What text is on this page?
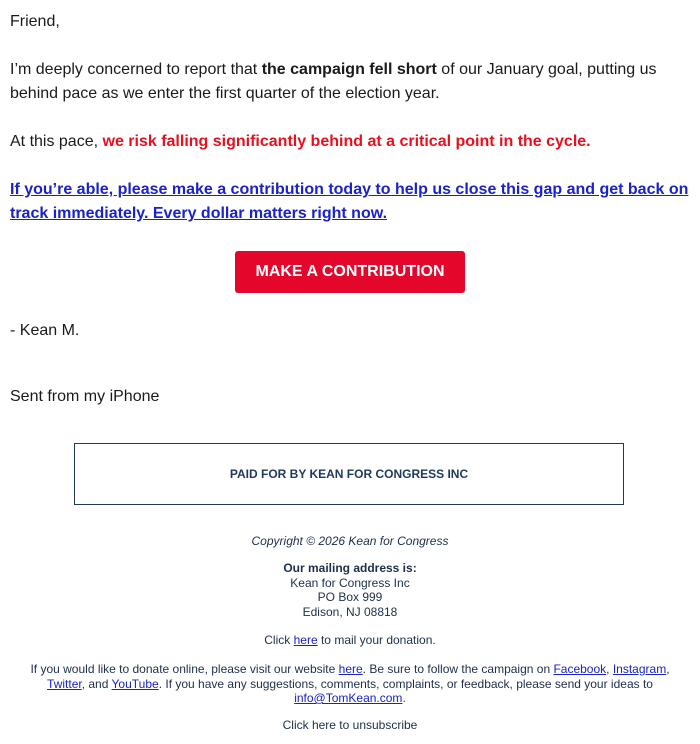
Friend,
I’m deeply concerned to report that the campaign fell short of our January goal, putting us behind pace as we enter the first quarter of the election year.
At this pace, we risk falling significantly behind at a critical point in the cycle.
If you’re able, please make a contribution today to help us close this gap and get back on track immediately. Every dollar matters right now.
MAKE A CONTRIBUTION
- Kean M.
Sent from my iPhone
PAID FOR BY KEAN FOR CONGRESS INC
Copyright © 2026 Kean for Congress
Our mailing address is:
Kean for Congress Inc
PO Box 999
Edison, NJ 08818
Click here to mail your donation.
If you would like to donate online, please visit our website here. Be sure to follow the campaign on Facebook, Instagram,
Twitter, and YouTube. If you have any suggestions, comments, complaints, or feedback, please send your ideas to info@TomKean.com.
Click here to unsubscribe
